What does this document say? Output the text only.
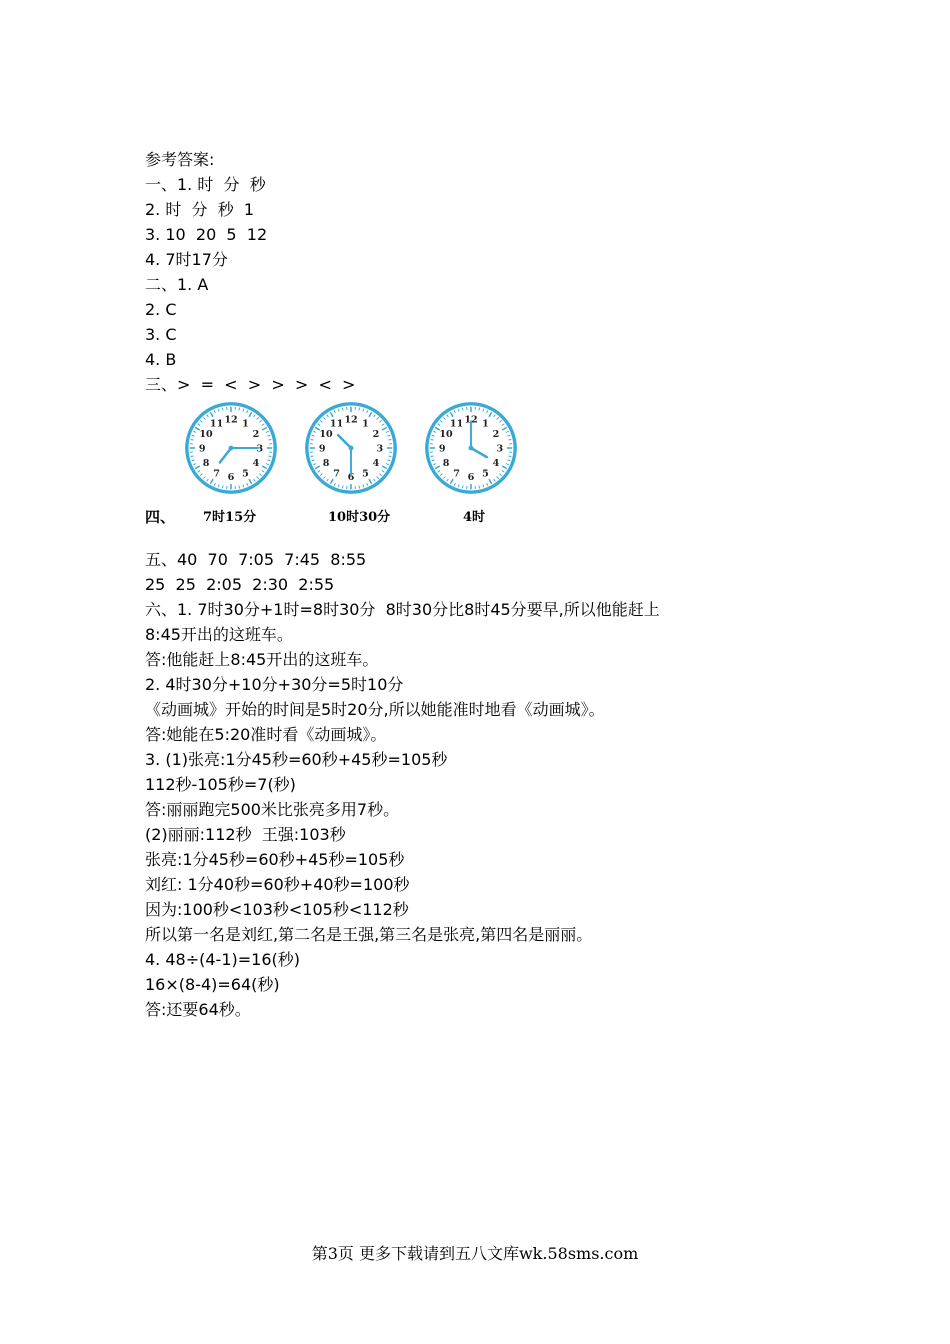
参考答案:
一、1. 时  分  秒
2. 时  分  秒  1
3. 10  20  5  12
4. 7时17分
二、1. A
2. C
3. C
4. B
三、>  =  <  >  >  >  <  >
四、
1
2
3
4
5
6
7
8
9
10
11 12
7时15分
1
2
3
4
5
6
7
8
9
10
11 12
10时30分
1
2
3
4
5
6
7
8
9
10
11 12
4时
五、40  70  7:05  7:45  8:55
25  25  2:05  2:30  2:55
六、1. 7时30分+1时=8时30分  8时30分比8时45分要早,所以他能赶上
8:45开出的这班车。
答:他能赶上8:45开出的这班车。
2. 4时30分+10分+30分=5时10分
《动画城》开始的时间是5时20分,所以她能准时地看《动画城》。
答:她能在5:20准时看《动画城》。
3. (1)张亮:1分45秒=60秒+45秒=105秒
112秒-105秒=7(秒)
答:丽丽跑完500米比张亮多用7秒。
(2)丽丽:112秒  王强:103秒
张亮:1分45秒=60秒+45秒=105秒
刘红: 1分40秒=60秒+40秒=100秒
因为:100秒<103秒<105秒<112秒
所以第一名是刘红,第二名是王强,第三名是张亮,第四名是丽丽。
4. 48÷(4-1)=16(秒)
16×(8-4)=64(秒)
答:还要64秒。
第3页 更多下载请到五八文库wk.58sms.com
